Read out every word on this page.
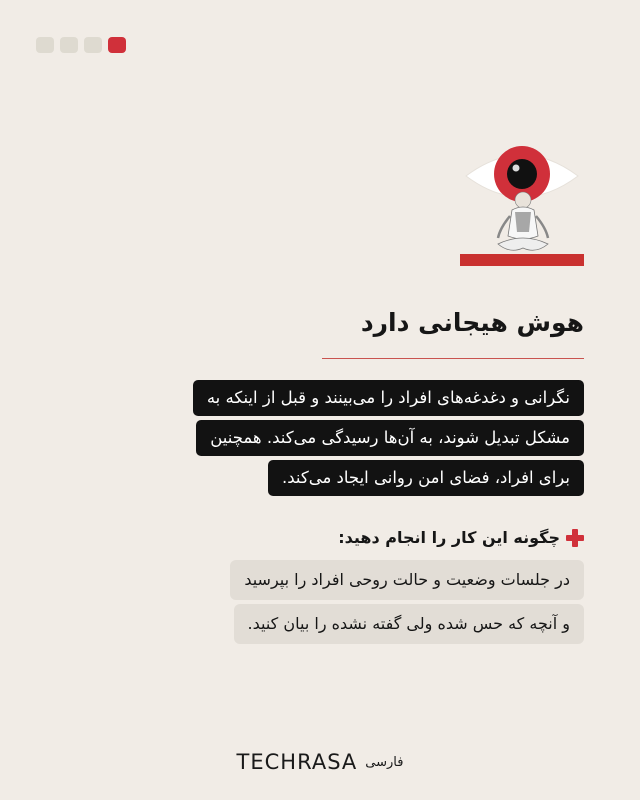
هوش هیجانی دارد
نگرانی و دغدغه‌های افراد را می‌بینند و قبل از اینکه به
مشکل تبدیل شوند، به آن‌ها رسیدگی می‌کند. همچنین
برای افراد، فضای امن روانی ایجاد می‌کند.
چگونه این کار را انجام دهید:
در جلسات وضعیت و حالت روحی افراد را بپرسید
و آنچه که حس شده ولی گفته نشده را بیان کنید.
TECHRASA فارسی
